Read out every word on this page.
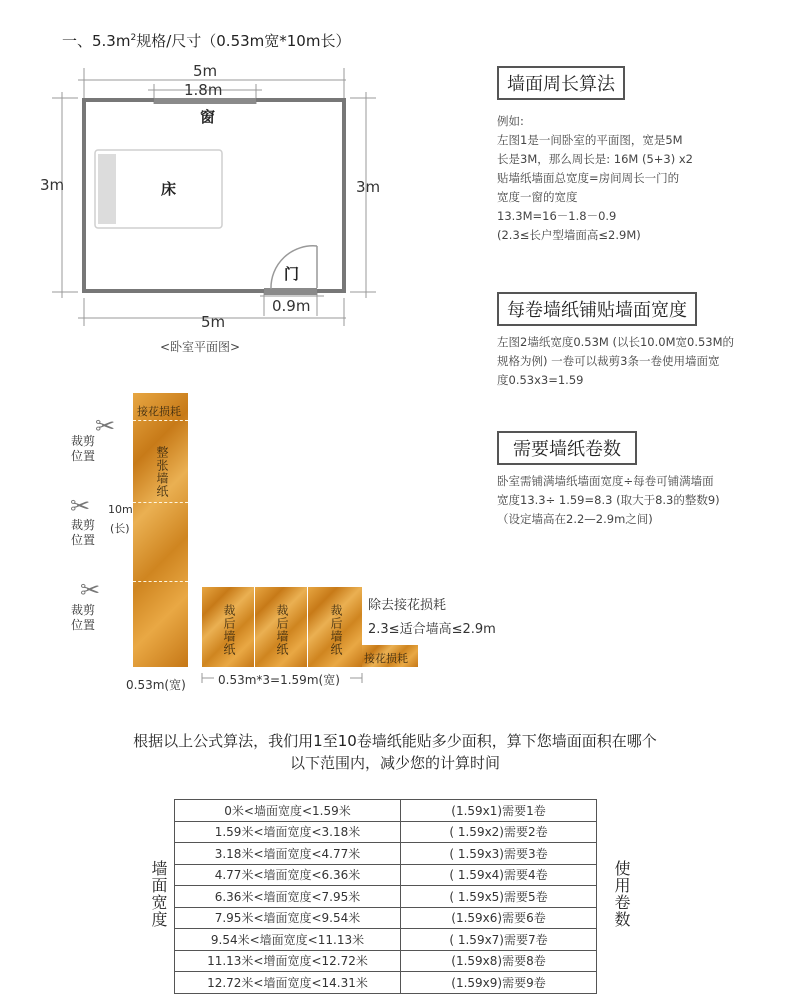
一、$5.3m^2$规格/尺寸（0.53m宽*10m长）
5m
1.8m
窗
3m	3m
床
门
0.9m
5m
<卧室平面图>
墙面周长算法
例如:
左图1是一间卧室的平面图，宽是5M
长是3M，那么周长是: 16M (5+3) x2
贴墙纸墙面总宽度=房间周长一门的
宽度一窗的宽度
13.3M=16－1.8－0.9
(2.3≤长户型墙面高≤2.9M)
每卷墙纸铺贴墙面宽度
左图2墙纸宽度0.53M (以长10.0M宽0.53M的
规格为例) 一卷可以裁剪3条一卷使用墙面宽
度0.53x3=1.59
需要墙纸卷数
卧室需铺满墙纸墙面宽度÷每卷可铺满墙面
宽度13.3÷ 1.59=8.3 (取大于8.3的整数9)
（设定墙高在2.2—2.9m之间)
接花损耗
整张墙纸
10m
(长)
✂
裁剪位置
✂
裁剪位置
✂
裁剪位置
0.53m(宽)
裁后墙纸	裁后墙纸	裁后墙纸
接花损耗
除去接花损耗
2.3≤适合墙高≤2.9m
0.53m*3=1.59m(宽)
根据以上公式算法，我们用1至10卷墙纸能贴多少面积，算下您墙面面积在哪个
以下范围内，减少您的计算时间
墙面宽度	使用卷数
0米<墙面宽度<1.59米	(1.59x1)需要1卷
1.59米<墙面宽度<3.18米	( 1.59x2)需要2卷
3.18米<墙面宽度<4.77米	( 1.59x3)需要3卷
4.77米<墙面宽度<6.36米	( 1.59x4)需要4卷
6.36米<墙面宽度<7.95米	( 1.59x5)需要5卷
7.95米<墙面宽度<9.54米	(1.59x6)需要6卷
9.54米<墙面宽度<11.13米	( 1.59x7)需要7卷
11.13米<增面宽度<12.72米	(1.59x8)需要8卷
12.72米<墙面宽度<14.31米	(1.59x9)需要9卷
